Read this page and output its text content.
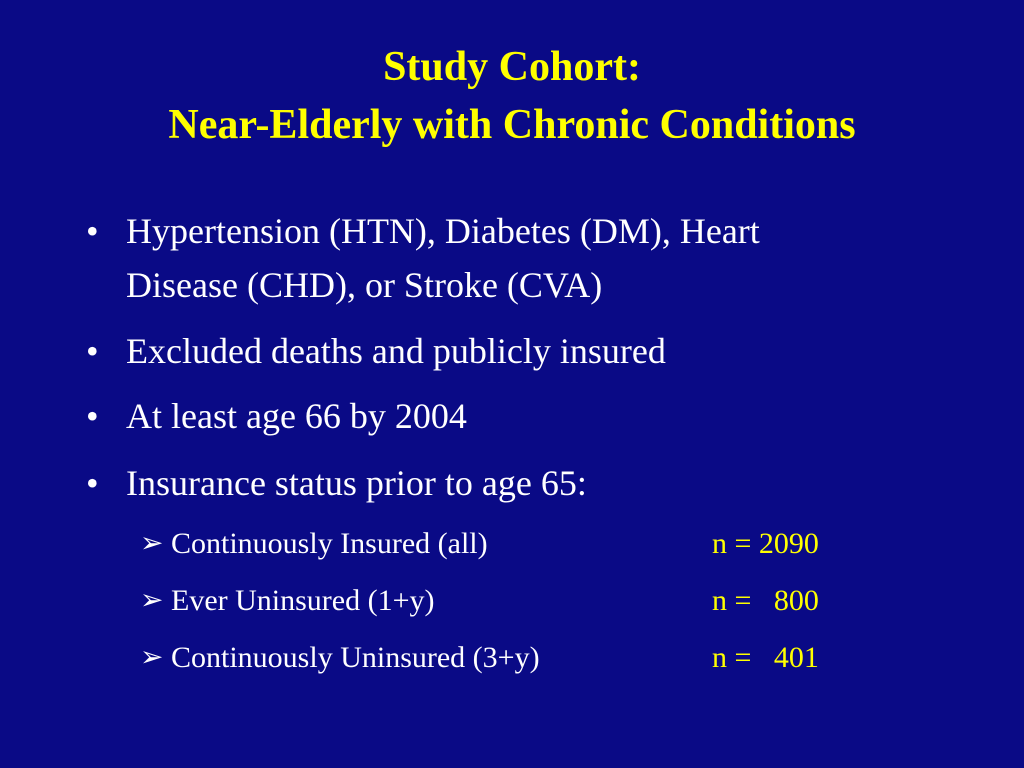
Study Cohort:
Near-Elderly with Chronic Conditions
• Hypertension (HTN), Diabetes (DM), Heart
Disease (CHD), or Stroke (CVA)
• Excluded deaths and publicly insured
• At least age 66 by 2004
• Insurance status prior to age 65:
➢ Continuously Insured (all)	n = 2090
➢ Ever Uninsured (1+y)	n =   800
➢ Continuously Uninsured (3+y)	n =   401
